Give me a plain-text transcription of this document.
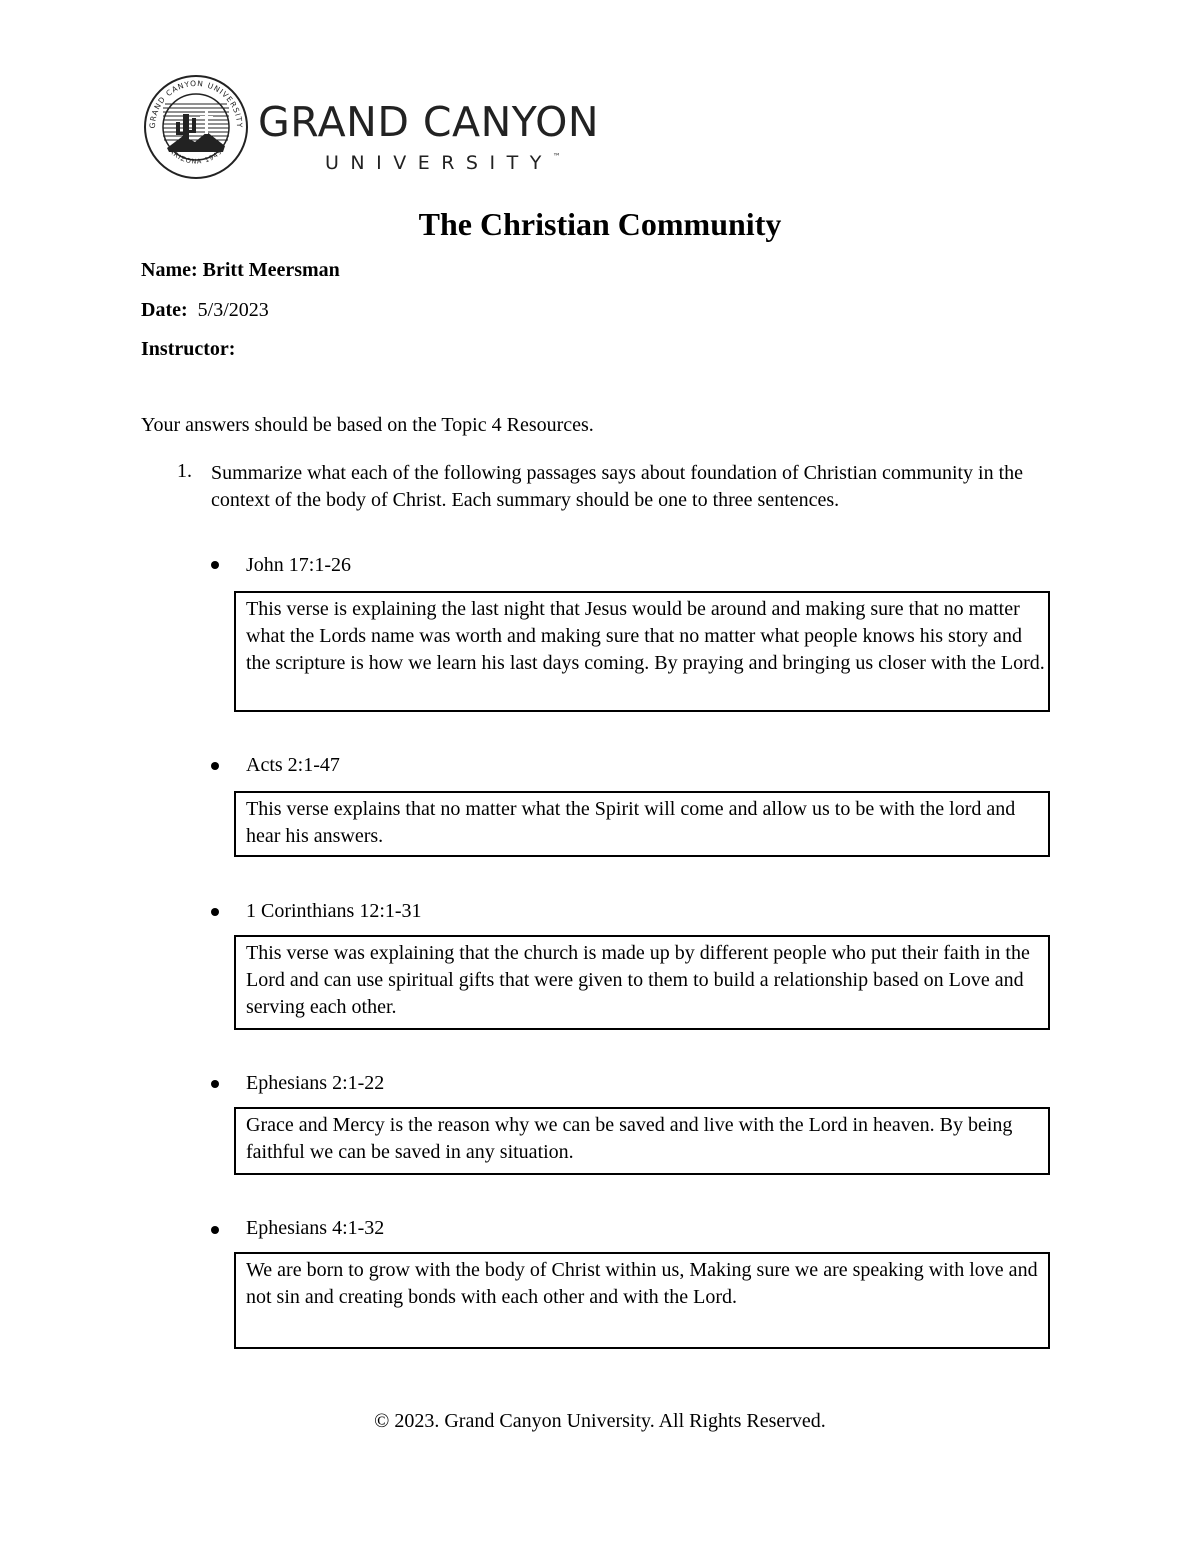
GRAND CANYON UNIVERSITY
ARIZONA 1949

GRAND CANYON

UNIVERSITY™

The Christian Community

Name: Britt Meersman

Date: 5/3/2023

Instructor:

Your answers should be based on the Topic 4 Resources.

1. Summarize what each of the following passages says about foundation of Christian community in the context of the body of Christ. Each summary should be one to three sentences.

John 17:1-26

This verse is explaining the last night that Jesus would be around and making sure that no matter what the Lords name was worth and making sure that no matter what people knows his story and the scripture is how we learn his last days coming. By praying and bringing us closer with the Lord.

Acts 2:1-47

This verse explains that no matter what the Spirit will come and allow us to be with the lord and hear his answers.

1 Corinthians 12:1-31

This verse was explaining that the church is made up by different people who put their faith in the Lord and can use spiritual gifts that were given to them to build a relationship based on Love and serving each other.

Ephesians 2:1-22

Grace and Mercy is the reason why we can be saved and live with the Lord in heaven. By being faithful we can be saved in any situation.

Ephesians 4:1-32

We are born to grow with the body of Christ within us, Making sure we are speaking with love and not sin and creating bonds with each other and with the Lord.

© 2023. Grand Canyon University. All Rights Reserved.
